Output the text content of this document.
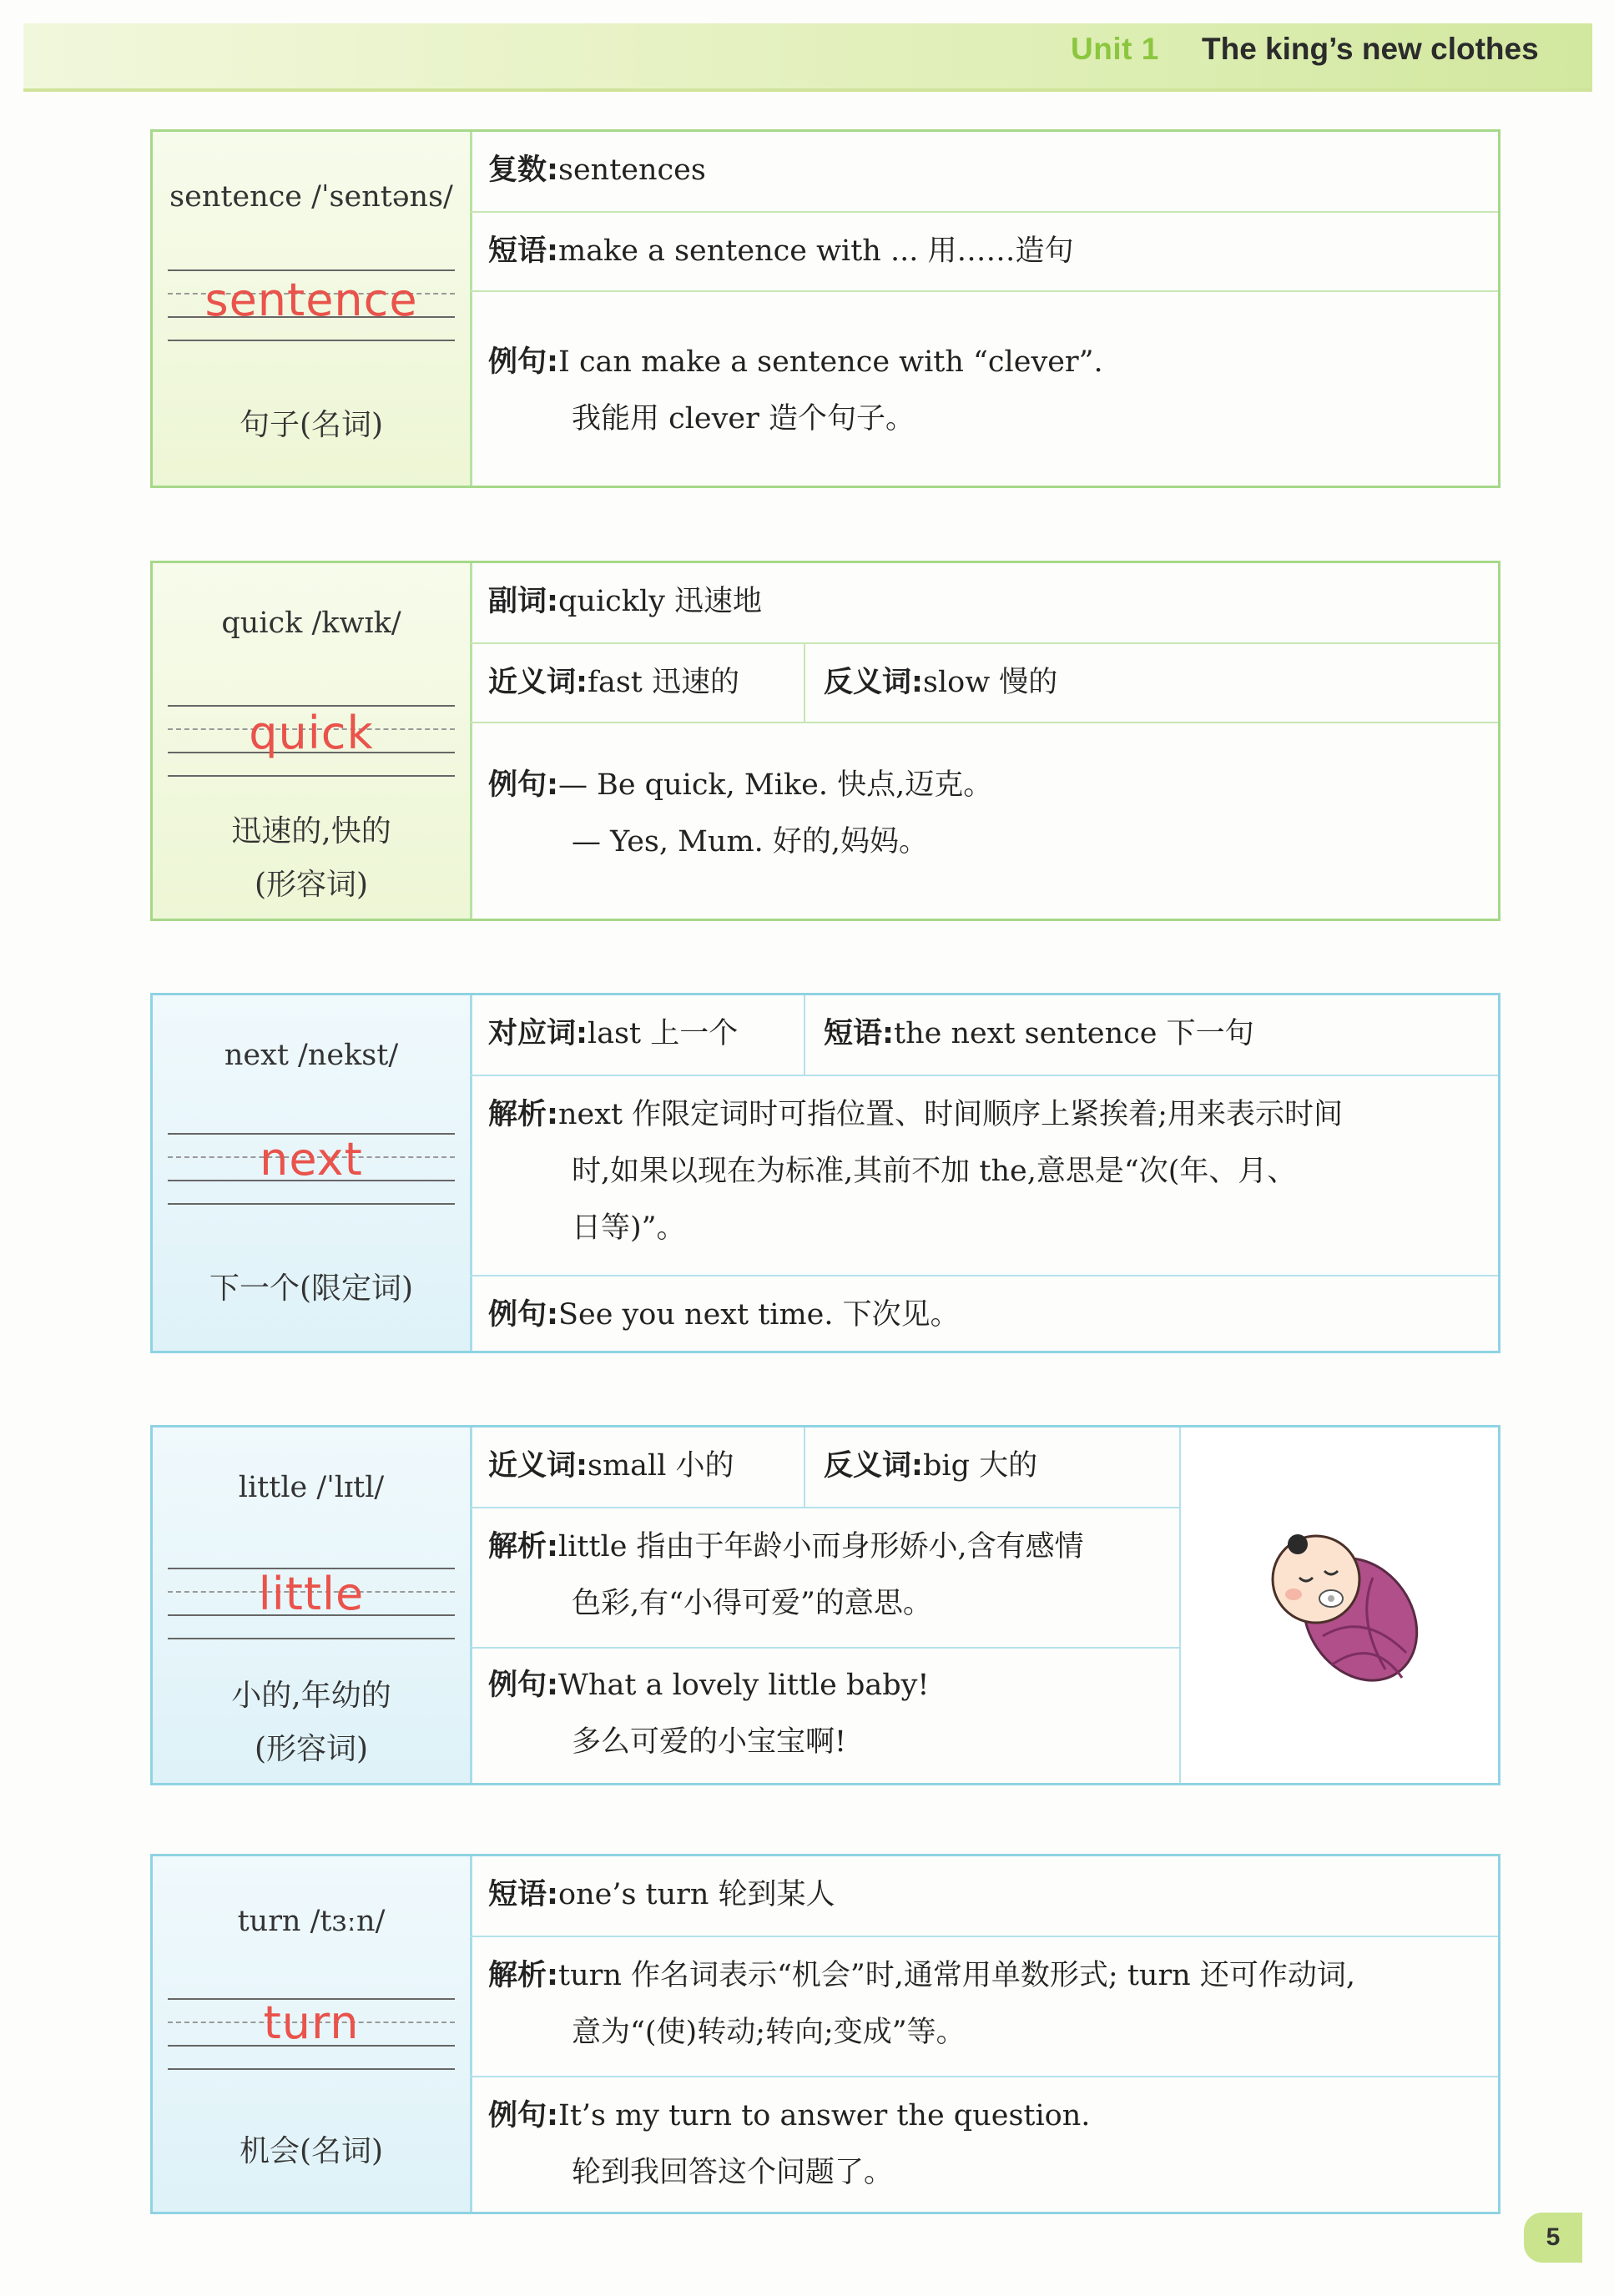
Unit 1 The king’s new clothes
sentence /ˈsentəns/
sentence
句子(名词)
复数:sentences
短语:make a sentence with ... 用……造句
例句:I can make a sentence with “clever”.
我能用 clever 造个句子。
quick /kwɪk/
quick
迅速的,快的
(形容词)
副词:quickly 迅速地
近义词:fast 迅速的	反义词:slow 慢的
例句:— Be quick, Mike. 快点,迈克。
— Yes, Mum. 好的,妈妈。
next /nekst/
next
下一个(限定词)
对应词:last 上一个	短语:the next sentence 下一句
解析:next 作限定词时可指位置、时间顺序上紧挨着;用来表示时间
时,如果以现在为标准,其前不加 the,意思是“次(年、月、
日等)”。
例句:See you next time. 下次见。
little /ˈlɪtl/
little
小的,年幼的
(形容词)
近义词:small 小的	反义词:big 大的
解析:little 指由于年龄小而身形娇小,含有感情
色彩,有“小得可爱”的意思。
例句:What a lovely little baby!
多么可爱的小宝宝啊!
turn /tɜːn/
turn
机会(名词)
短语:one’s turn 轮到某人
解析:turn 作名词表示“机会”时,通常用单数形式; turn 还可作动词,
意为“(使)转动;转向;变成”等。
例句:It’s my turn to answer the question.
轮到我回答这个问题了。
5
